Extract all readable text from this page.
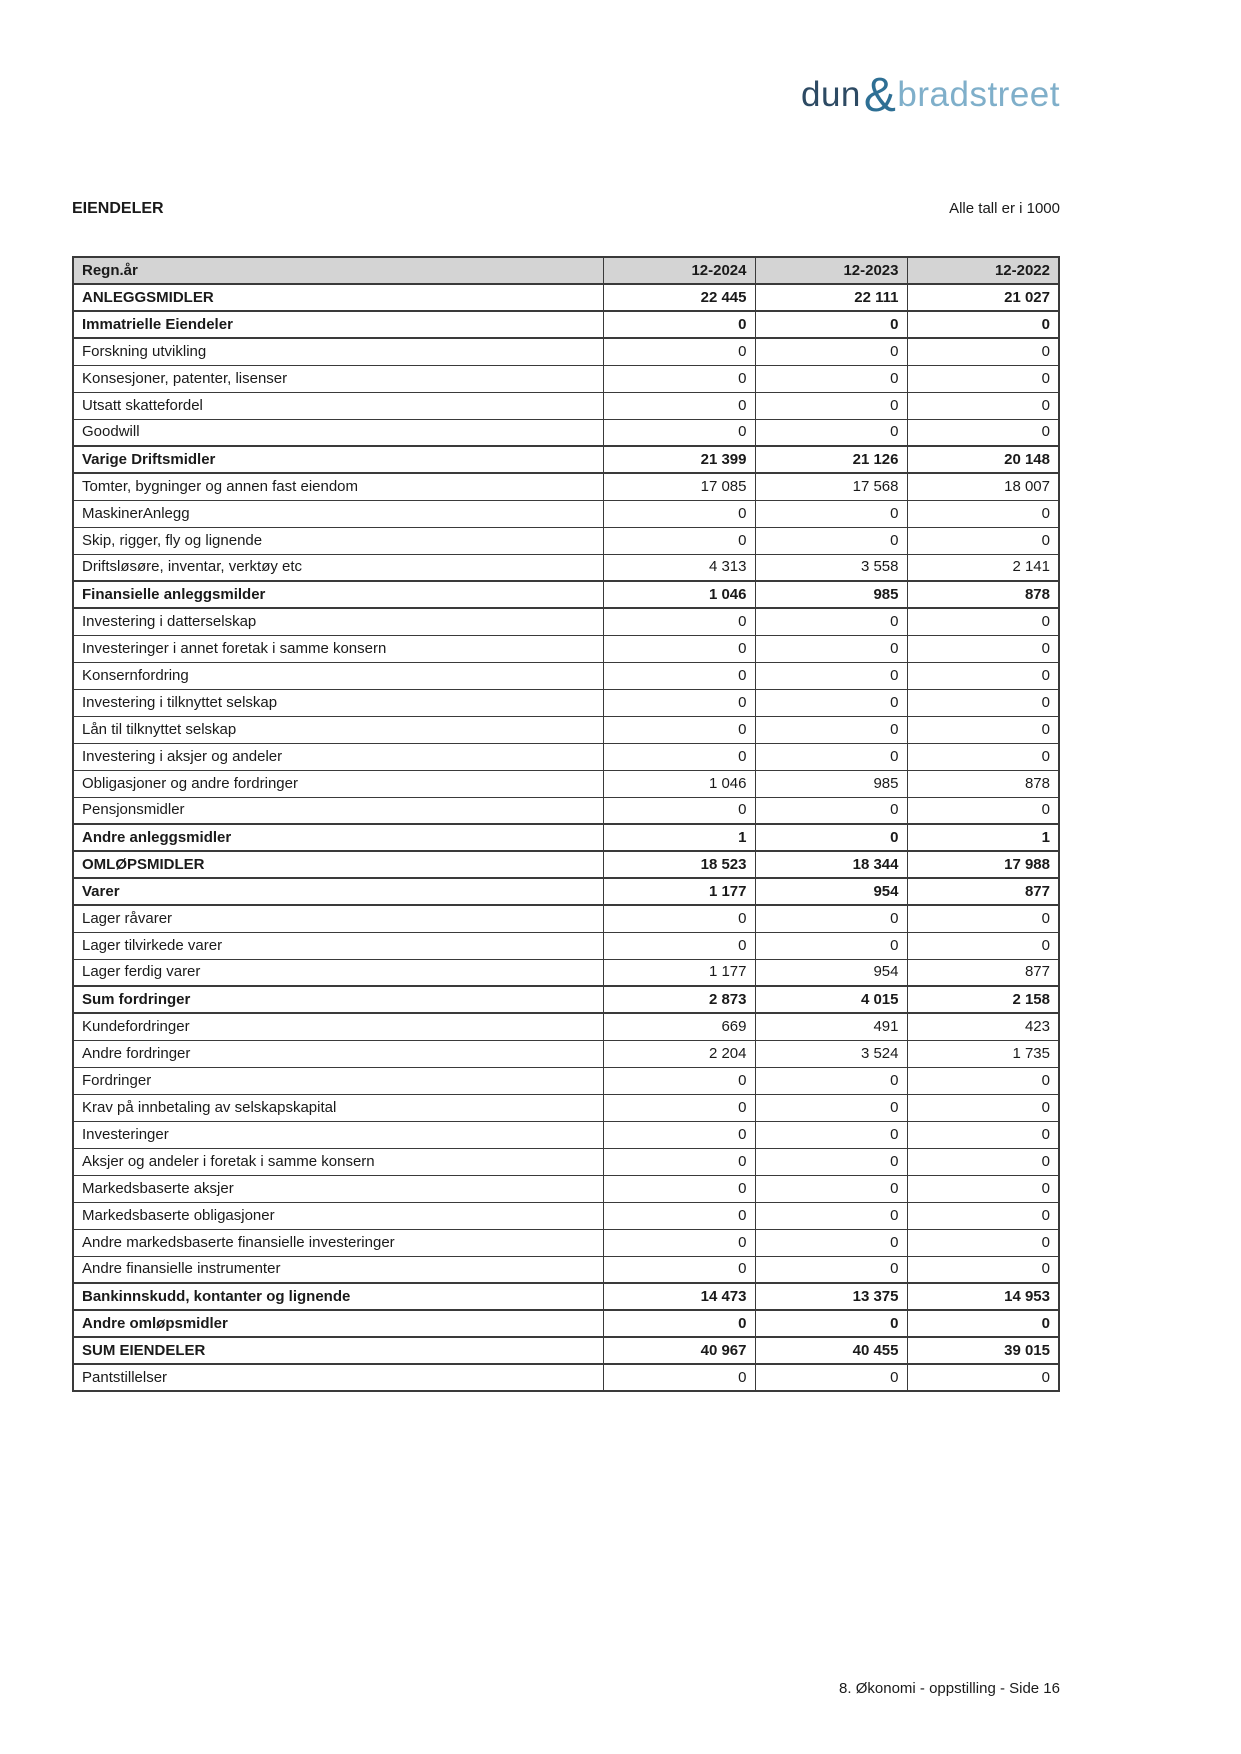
dun & bradstreet
EIENDELER	Alle tall er i 1000
Regn.år	12-2024	12-2023	12-2022
ANLEGGSMIDLER	22 445	22 111	21 027
Immatrielle Eiendeler	0	0	0
Forskning utvikling	0	0	0
Konsesjoner, patenter, lisenser	0	0	0
Utsatt skattefordel	0	0	0
Goodwill	0	0	0
Varige Driftsmidler	21 399	21 126	20 148
Tomter, bygninger og annen fast eiendom	17 085	17 568	18 007
MaskinerAnlegg	0	0	0
Skip, rigger, fly og lignende	0	0	0
Driftsløsøre, inventar, verktøy etc	4 313	3 558	2 141
Finansielle anleggsmilder	1 046	985	878
Investering i datterselskap	0	0	0
Investeringer i annet foretak i samme konsern	0	0	0
Konsernfordring	0	0	0
Investering i tilknyttet selskap	0	0	0
Lån til tilknyttet selskap	0	0	0
Investering i aksjer og andeler	0	0	0
Obligasjoner og andre fordringer	1 046	985	878
Pensjonsmidler	0	0	0
Andre anleggsmidler	1	0	1
OMLØPSMIDLER	18 523	18 344	17 988
Varer	1 177	954	877
Lager råvarer	0	0	0
Lager tilvirkede varer	0	0	0
Lager ferdig varer	1 177	954	877
Sum fordringer	2 873	4 015	2 158
Kundefordringer	669	491	423
Andre fordringer	2 204	3 524	1 735
Fordringer	0	0	0
Krav på innbetaling av selskapskapital	0	0	0
Investeringer	0	0	0
Aksjer og andeler i foretak i samme konsern	0	0	0
Markedsbaserte aksjer	0	0	0
Markedsbaserte obligasjoner	0	0	0
Andre markedsbaserte finansielle investeringer	0	0	0
Andre finansielle instrumenter	0	0	0
Bankinnskudd, kontanter og lignende	14 473	13 375	14 953
Andre omløpsmidler	0	0	0
SUM EIENDELER	40 967	40 455	39 015
Pantstillelser	0	0	0
8. Økonomi - oppstilling - Side 16
